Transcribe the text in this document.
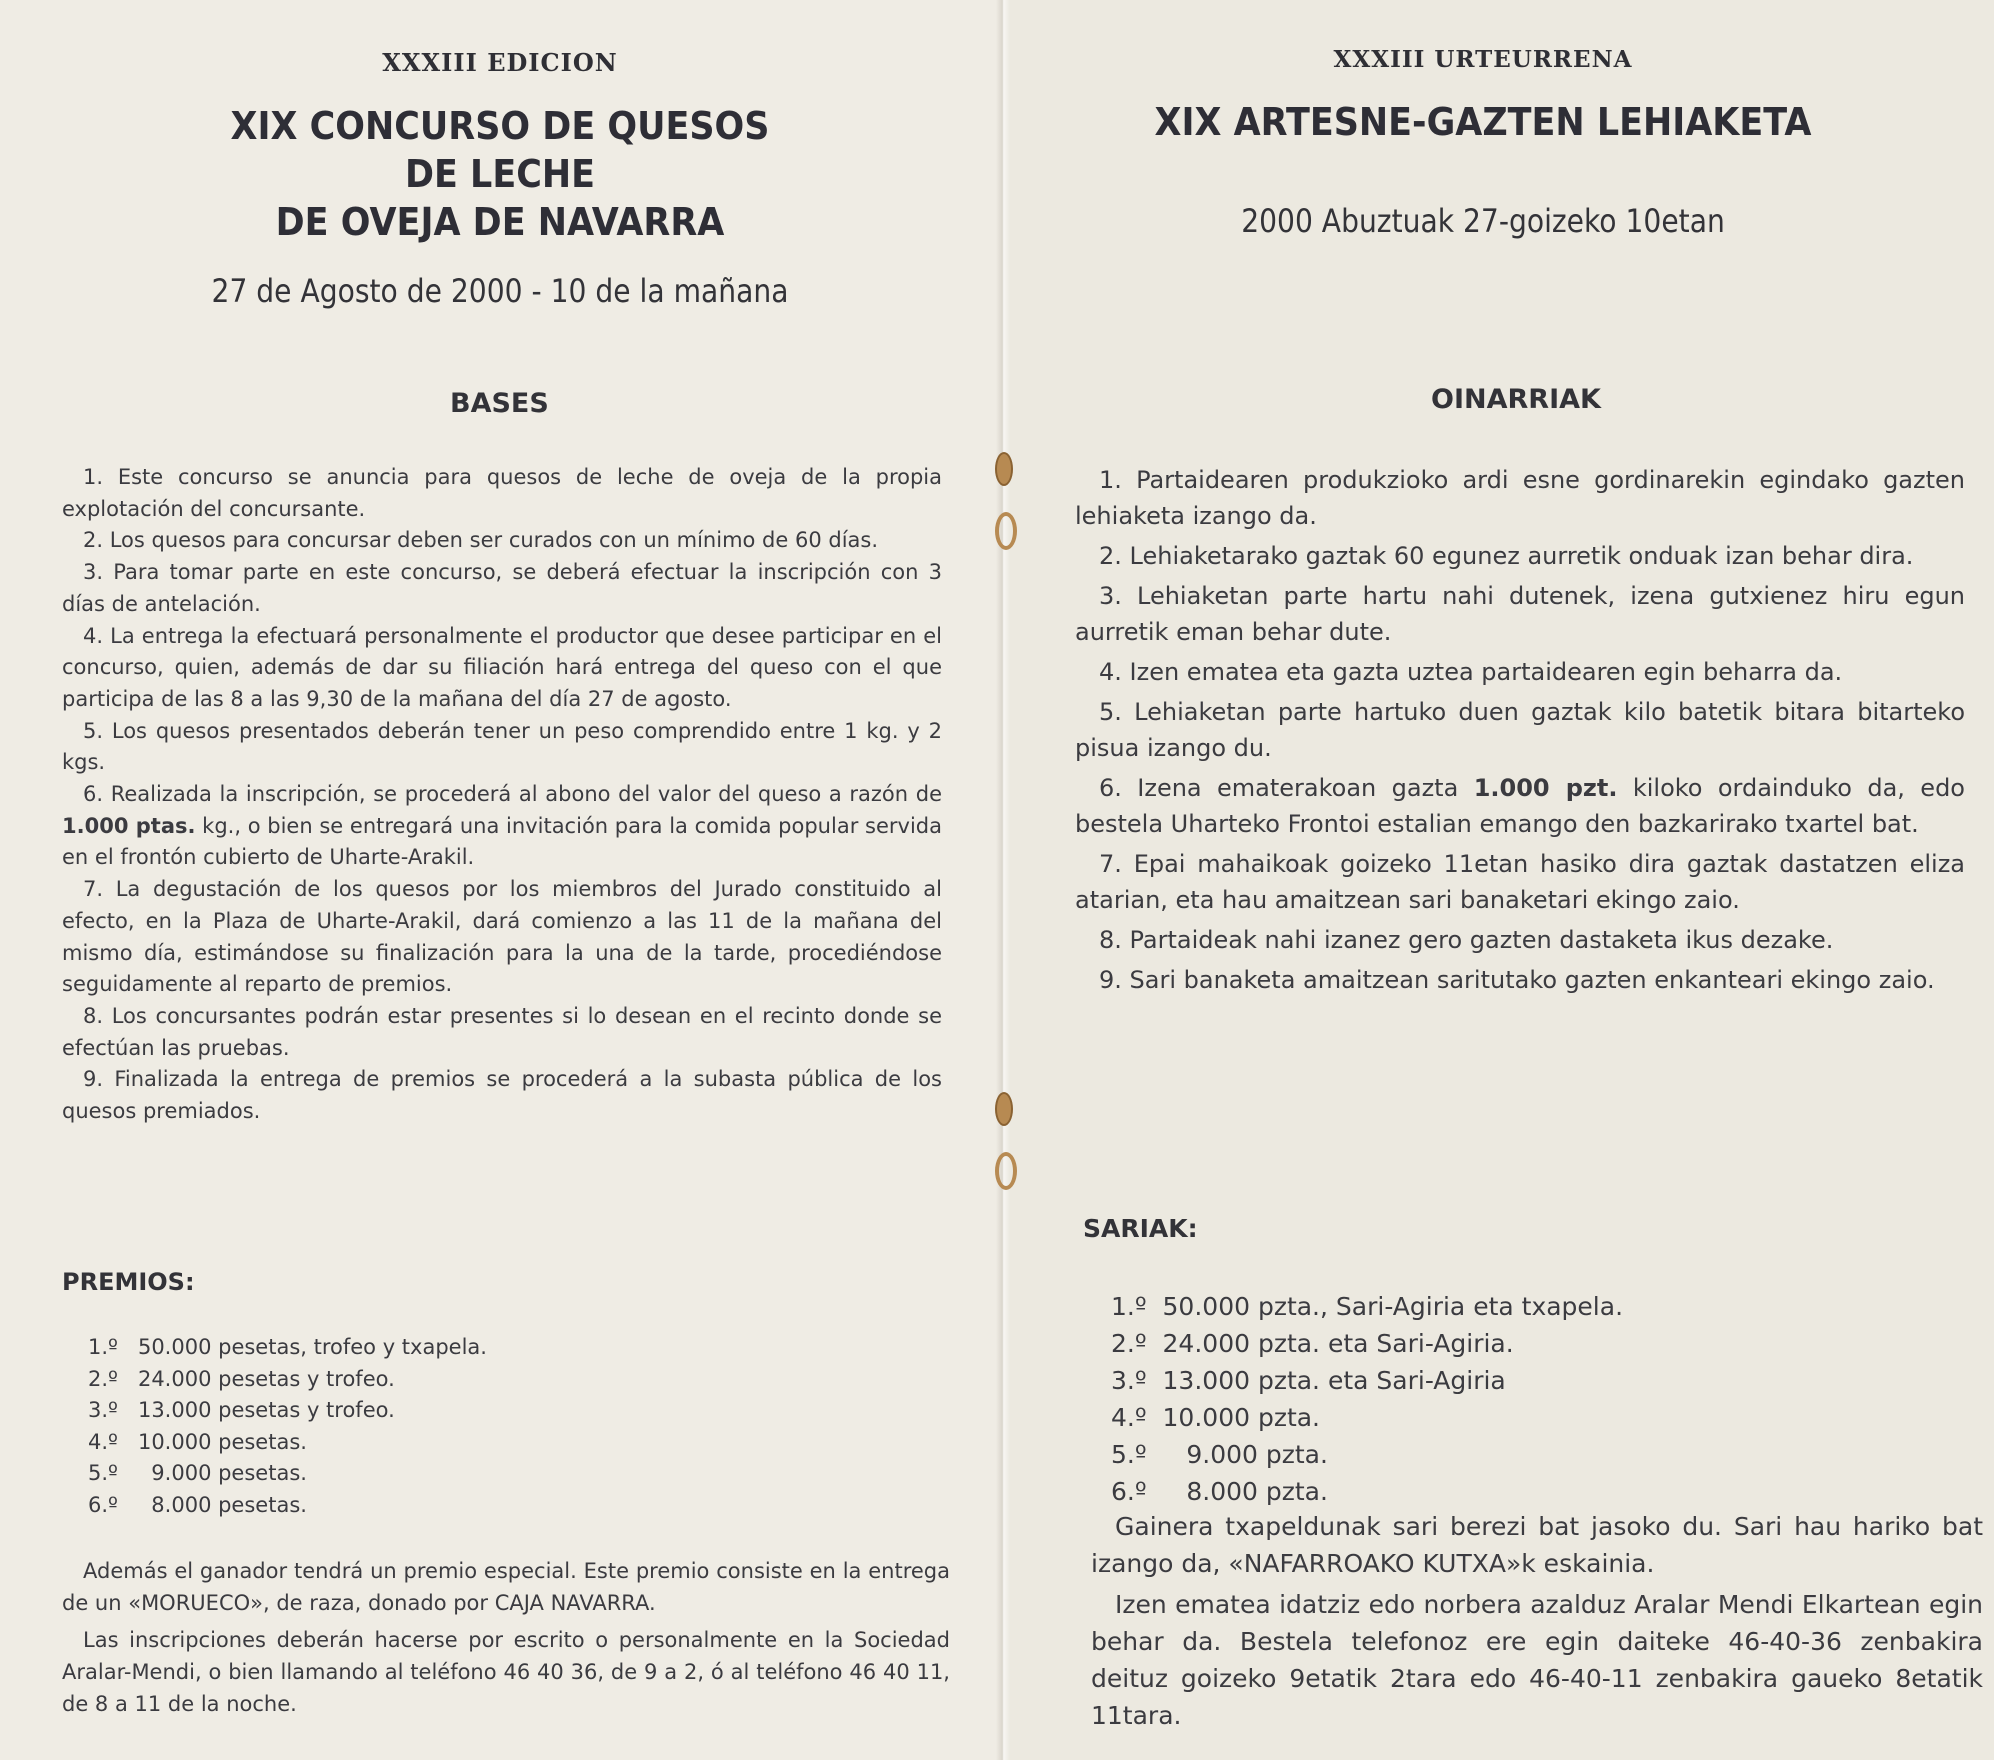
XXXIII EDICION
XIX CONCURSO DE QUESOS
DE LECHE
DE OVEJA DE NAVARRA
27 de Agosto de 2000 - 10 de la mañana
BASES

1. Este concurso se anuncia para quesos de leche de oveja de la propia explotación del concursante.

2. Los quesos para concursar deben ser curados con un mínimo de 60 días.

3. Para tomar parte en este concurso, se deberá efectuar la inscripción con 3 días de antelación.

4. La entrega la efectuará personalmente el productor que desee participar en el concurso, quien, además de dar su filiación hará entrega del queso con el que participa de las 8 a las 9,30 de la mañana del día 27 de agosto.

5. Los quesos presentados deberán tener un peso comprendido entre 1 kg. y 2 kgs.

6. Realizada la inscripción, se procederá al abono del valor del queso a razón de 1.000 ptas. kg., o bien se entregará una invitación para la comida popular servida en el frontón cubierto de Uharte-Arakil.

7. La degustación de los quesos por los miembros del Jurado constituido al efecto, en la Plaza de Uharte-Arakil, dará comienzo a las 11 de la mañana del mismo día, estimándose su finalización para la una de la tarde, procediéndose seguidamente al reparto de premios.

8. Los concursantes podrán estar presentes si lo desean en el recinto donde se efectúan las pruebas.

9. Finalizada la entrega de premios se procederá a la subasta pública de los quesos premiados.

PREMIOS:
1.º   50.000 pesetas, trofeo y txapela.
2.º   24.000 pesetas y trofeo.
3.º   13.000 pesetas y trofeo.
4.º   10.000 pesetas.
5.º     9.000 pesetas.
6.º     8.000 pesetas.

Además el ganador tendrá un premio especial. Este premio consiste en la entrega de un «MORUECO», de raza, donado por CAJA NAVARRA.

Las inscripciones deberán hacerse por escrito o personalmente en la Sociedad Aralar-Mendi, o bien llamando al teléfono 46 40 36, de 9 a 2, ó al teléfono 46 40 11, de 8 a 11 de la noche.

XXXIII URTEURRENA
XIX ARTESNE-GAZTEN LEHIAKETA
2000 Abuztuak 27-goizeko 10etan
OINARRIAK

1. Partaidearen produkzioko ardi esne gordinarekin egindako gazten lehiaketa izango da.

2. Lehiaketarako gaztak 60 egunez aurretik onduak izan behar dira.

3. Lehiaketan parte hartu nahi dutenek, izena gutxienez hiru egun aurretik eman behar dute.

4. Izen ematea eta gazta uztea partaidearen egin beharra da.

5. Lehiaketan parte hartuko duen gaztak kilo batetik bitara bitarteko pisua izango du.

6. Izena ematerakoan gazta 1.000 pzt. kiloko ordainduko da, edo bestela Uharteko Frontoi estalian emango den bazkarirako txartel bat.

7. Epai mahaikoak goizeko 11etan hasiko dira gaztak dastatzen eliza atarian, eta hau amaitzean sari banaketari ekingo zaio.

8. Partaideak nahi izanez gero gazten dastaketa ikus dezake.

9. Sari banaketa amaitzean saritutako gazten enkanteari ekingo zaio.

SARIAK:
1.º  50.000 pzta., Sari-Agiria eta txapela.
2.º  24.000 pzta. eta Sari-Agiria.
3.º  13.000 pzta. eta Sari-Agiria
4.º  10.000 pzta.
5.º     9.000 pzta.
6.º     8.000 pzta.

Gainera txapeldunak sari berezi bat jasoko du. Sari hau hariko bat izango da, «NAFARROAKO KUTXA»k eskainia.

Izen ematea idatziz edo norbera azalduz Aralar Mendi Elkartean egin behar da. Bestela telefonoz ere egin daiteke 46-40-36 zenbakira deituz goizeko 9etatik 2tara edo 46-40-11 zenbakira gaueko 8etatik 11tara.
